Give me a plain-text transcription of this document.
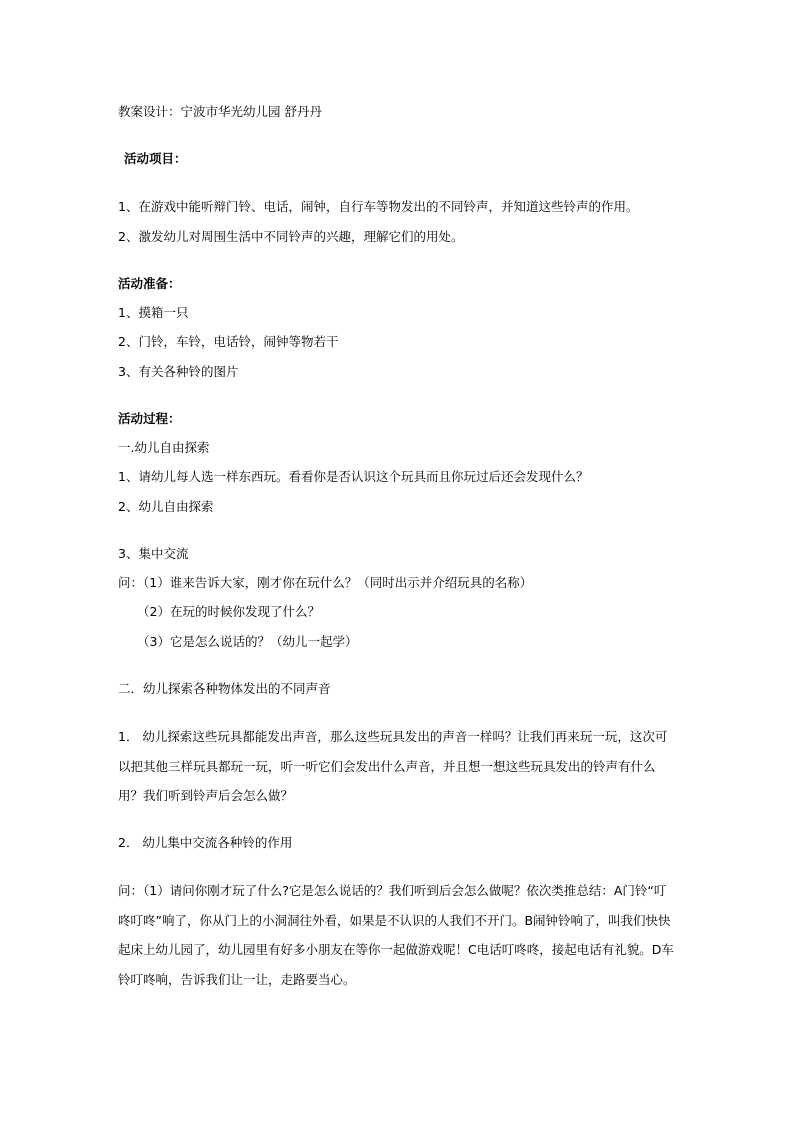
教案设计：宁波市华光幼儿园 舒丹丹
活动项目：
1、在游戏中能听辩门铃、电话，闹钟，自行车等物发出的不同铃声，并知道这些铃声的作用。
2、激发幼儿对周围生活中不同铃声的兴趣，理解它们的用处。
活动准备：
1、摸箱一只
2、门铃，车铃，电话铃，闹钟等物若干
3、有关各种铃的图片
活动过程：
一.幼儿自由探索
1、请幼儿每人选一样东西玩。看看你是否认识这个玩具而且你玩过后还会发现什么？
2、幼儿自由探索
3、集中交流
问：（1）谁来告诉大家，刚才你在玩什么？（同时出示并介绍玩具的名称）
（2）在玩的时候你发现了什么？
（3）它是怎么说话的？（幼儿一起学）
二．幼儿探索各种物体发出的不同声音
1． 幼儿探索这些玩具都能发出声音，那么这些玩具发出的声音一样吗？让我们再来玩一玩，这次可以把其他三样玩具都玩一玩，听一听它们会发出什么声音，并且想一想这些玩具发出的铃声有什么用？我们听到铃声后会怎么做？
2． 幼儿集中交流各种铃的作用
问：（1）请问你刚才玩了什么?它是怎么说话的？我们听到后会怎么做呢？依次类推总结：A门铃“叮咚叮咚”响了，你从门上的小洞洞往外看，如果是不认识的人我们不开门。B闹钟铃响了，叫我们快快起床上幼儿园了，幼儿园里有好多小朋友在等你一起做游戏呢！C电话叮咚咚，接起电话有礼貌。D车铃叮咚响，告诉我们让一让，走路要当心。
